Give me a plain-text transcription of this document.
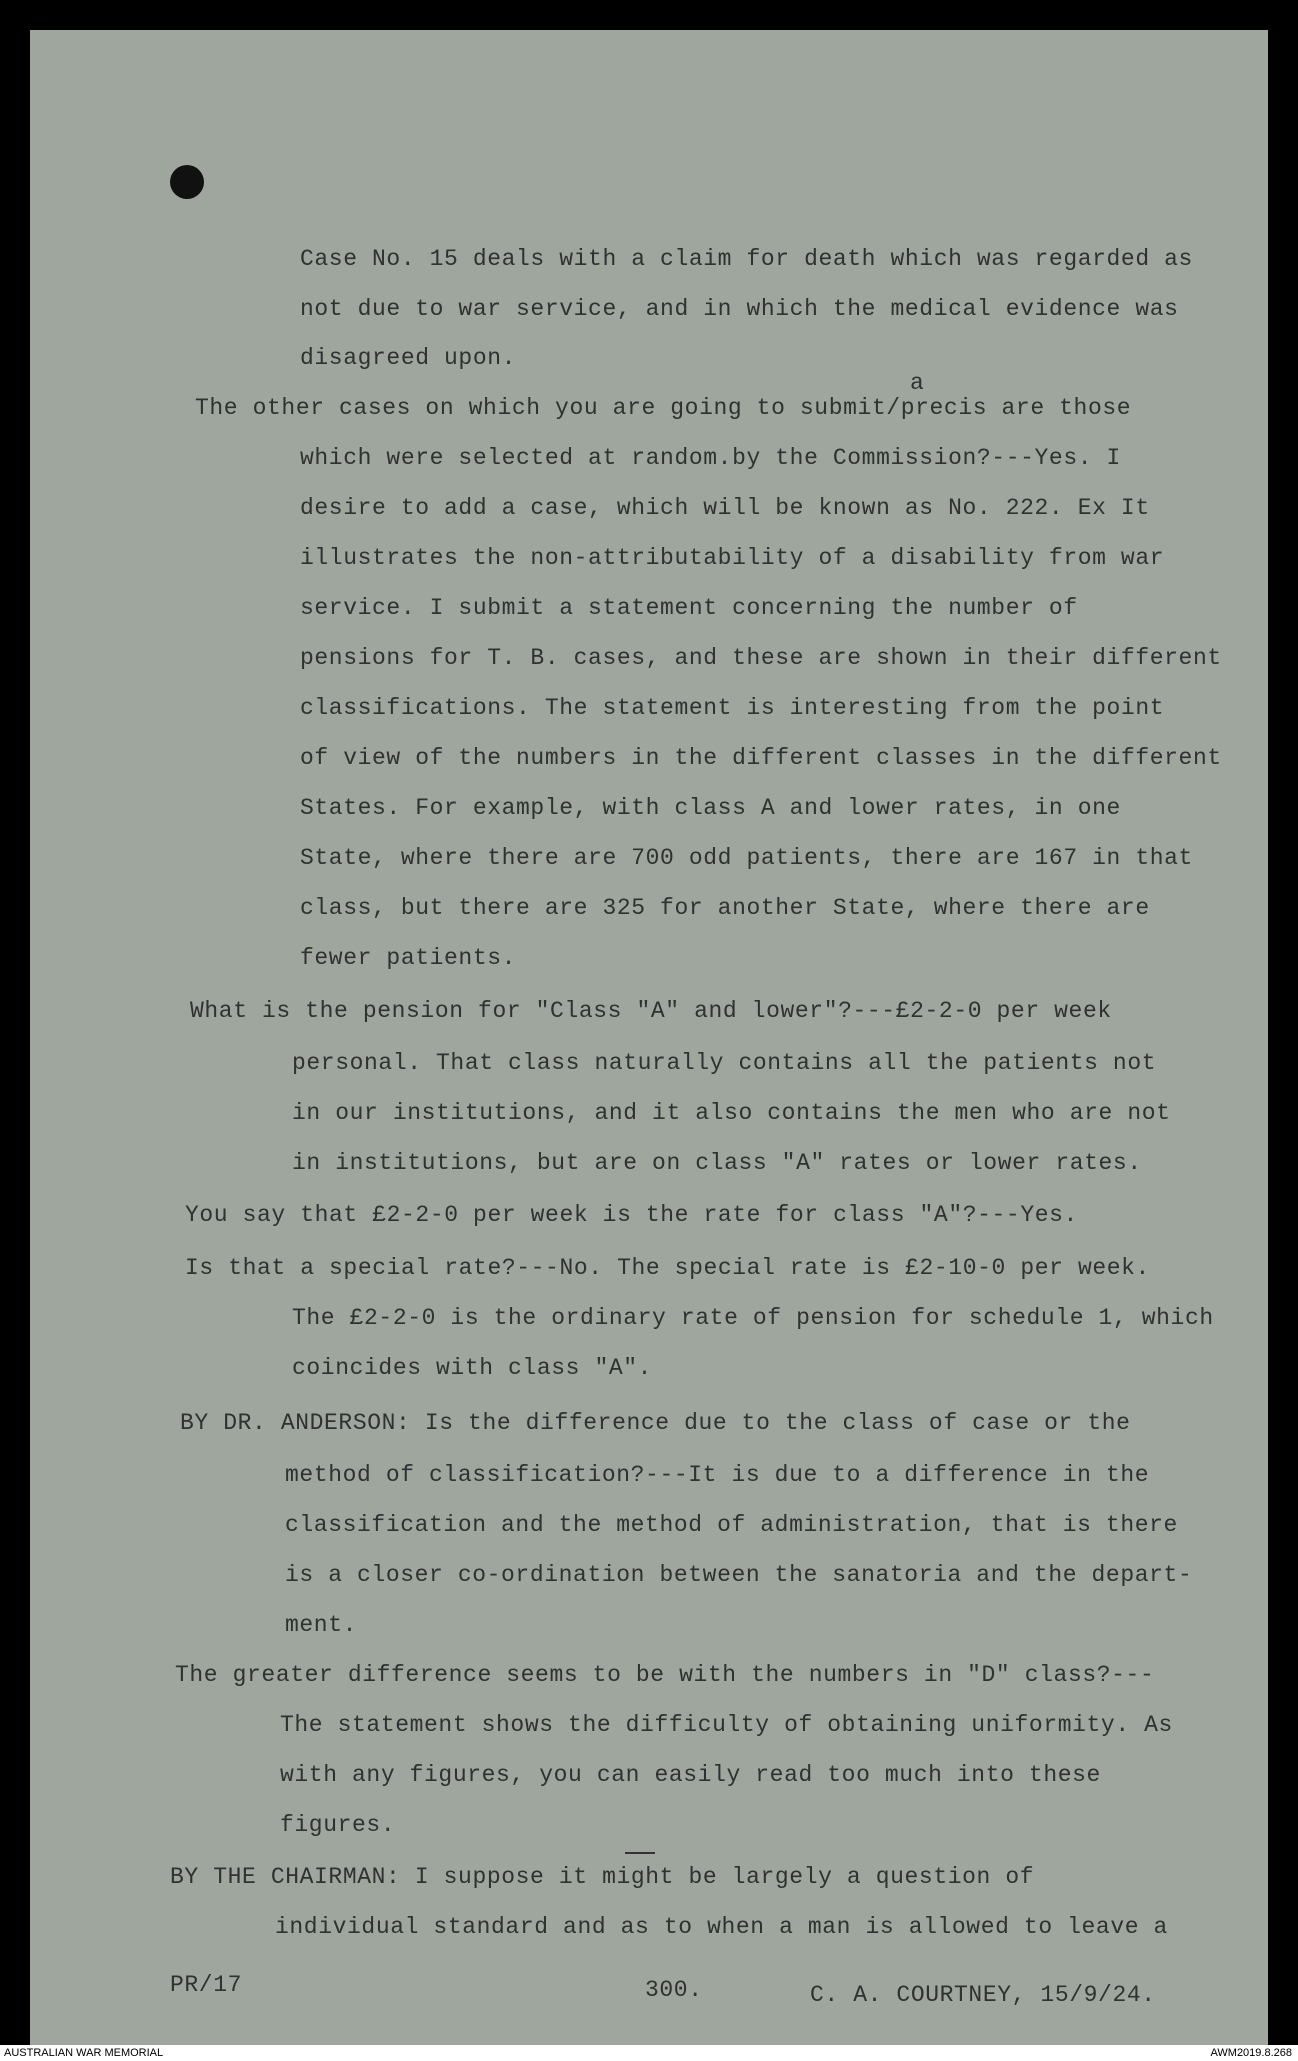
Case No. 15 deals with a claim for death which was regarded as
not due to war service, and in which the medical evidence was
disagreed upon.
a
The other cases on which you are going to submit/precis are those
which were selected at random.by the Commission?---Yes. I
desire to add a case, which will be known as No. 222. Ex It
illustrates the non-attributability of a disability from war
service. I submit a statement concerning the number of
pensions for T. B. cases, and these are shown in their different
classifications. The statement is interesting from the point
of view of the numbers in the different classes in the different
States. For example, with class A and lower rates, in one
State, where there are 700 odd patients, there are 167 in that
class, but there are 325 for another State, where there are
fewer patients.
What is the pension for "Class "A" and lower"?---£2-2-0 per week
personal. That class naturally contains all the patients not
in our institutions, and it also contains the men who are not
in institutions, but are on class "A" rates or lower rates.
You say that £2-2-0 per week is the rate for class "A"?---Yes.
Is that a special rate?---No. The special rate is £2-10-0 per week.
The £2-2-0 is the ordinary rate of pension for schedule 1, which
coincides with class "A".
BY DR. ANDERSON: Is the difference due to the class of case or the
method of classification?---It is due to a difference in the
classification and the method of administration, that is there
is a closer co-ordination between the sanatoria and the depart-
ment.
The greater difference seems to be with the numbers in "D" class?---
The statement shows the difficulty of obtaining uniformity. As
with any figures, you can easily read too much into these
figures.
BY THE CHAIRMAN: I suppose it might be largely a question of
individual standard and as to when a man is allowed to leave a
PR/17	300.	C. A. COURTNEY, 15/9/24.
AUSTRALIAN WAR MEMORIAL	AWM2019.8.268
